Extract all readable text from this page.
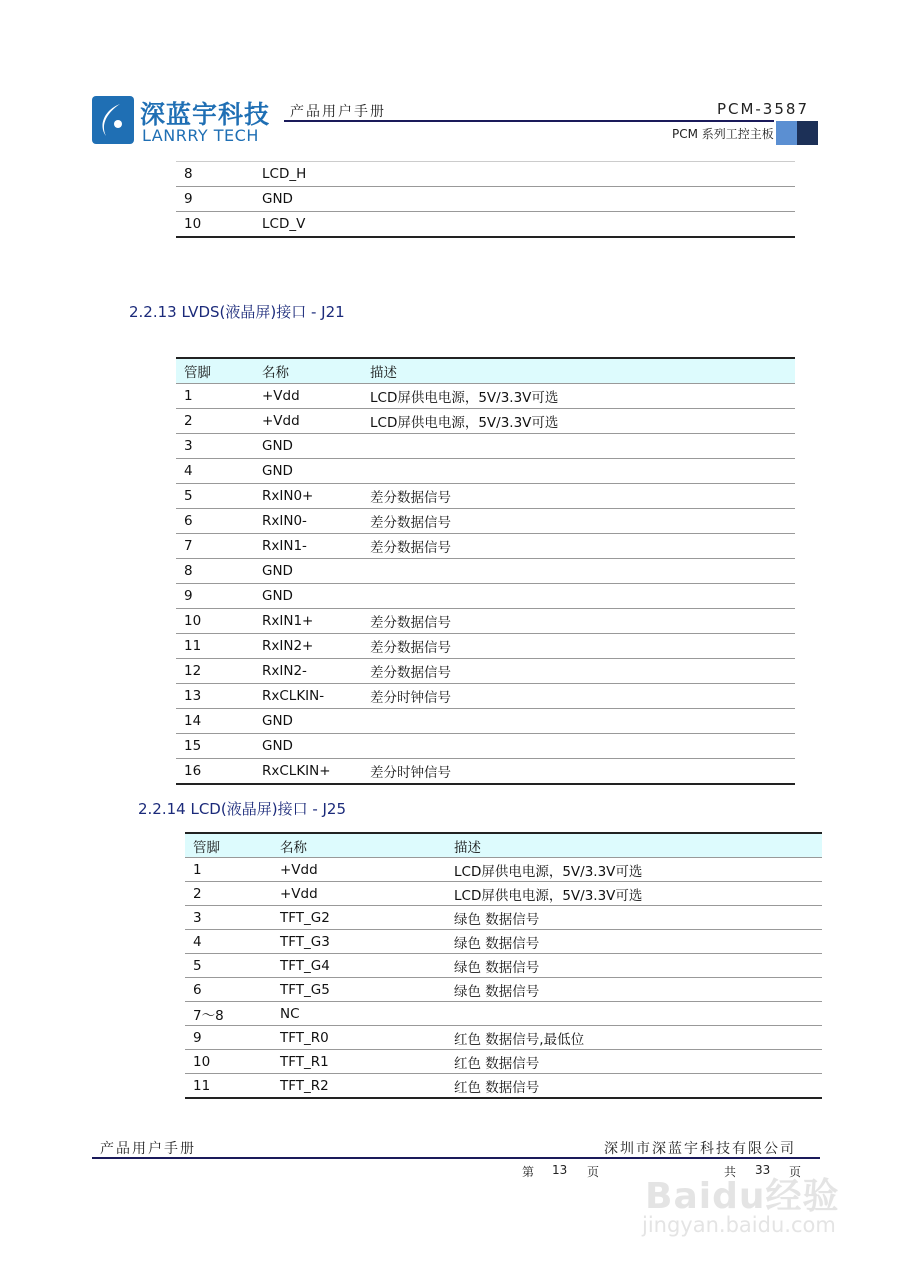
深蓝宇科技
LANRRY TECH
产品用户手册	PCM-3587
PCM 系列工控主板
8	LCD_H
9	GND
10	LCD_V
2.2.13 LVDS(液晶屏)接口 - J21
管脚	名称	描述
1	+Vdd	LCD屏供电电源，5V/3.3V可选
2	+Vdd	LCD屏供电电源，5V/3.3V可选
3	GND	
4	GND	
5	RxIN0+	差分数据信号
6	RxIN0-	差分数据信号
7	RxIN1-	差分数据信号
8	GND	
9	GND	
10	RxIN1+	差分数据信号
11	RxIN2+	差分数据信号
12	RxIN2-	差分数据信号
13	RxCLKIN-	差分时钟信号
14	GND	
15	GND	
16	RxCLKIN+	差分时钟信号
2.2.14 LCD(液晶屏)接口 - J25
管脚	名称	描述
1	+Vdd	LCD屏供电电源，5V/3.3V可选
2	+Vdd	LCD屏供电电源，5V/3.3V可选
3	TFT_G2	绿色 数据信号
4	TFT_G3	绿色 数据信号
5	TFT_G4	绿色 数据信号
6	TFT_G5	绿色 数据信号
7～8	NC	
9	TFT_R0	红色 数据信号,最低位
10	TFT_R1	红色 数据信号
11	TFT_R2	红色 数据信号
产品用户手册	深圳市深蓝宇科技有限公司
第 13 页	共 33 页
Baidu经验
jingyan.baidu.com
